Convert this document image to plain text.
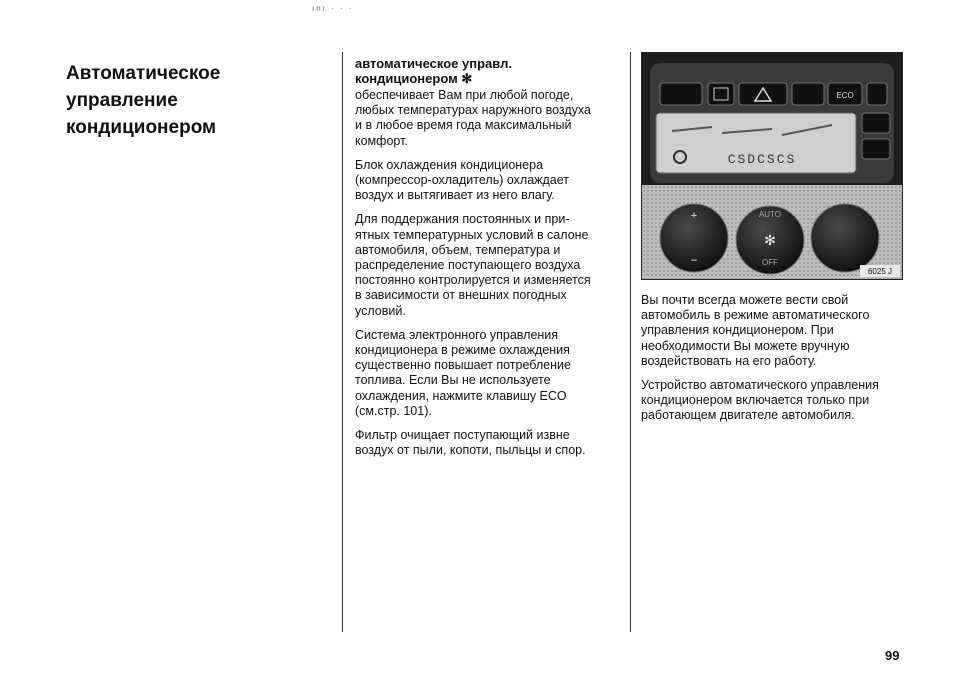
ını · · ·
Автоматическое
управление
кондиционером
автоматическое управл.
кондиционером ✻

обеспечивает Вам при любой погоде,
любых температурах наружного воздуха
и в любое время года максимальный
комфорт.

Блок охлаждения кондиционера
(компрессор-охладитель) охлаждает
воздух и вытягивает из него влагу.

Для поддержания постоянных и при-
ятных температурных условий в салоне
автомобиля, объем, температура и
распределение поступающего воздуха
постоянно контролируется и изменяется
в зависимости от внешних погодных
условий.

Система электронного управления
кондиционера в режиме охлаждения
существенно повышает потребление
топлива. Если Вы не используете
охлаждения, нажмите клавишу ECO
(см.стр. 101).

Фильтр очищает поступающий извне
воздух от пыли, копоти, пыльцы и спор.

ECO
CSDCSCS
+
–
AUTO
OFF
✻
6025 J

Вы почти всегда можете вести свой
автомобиль в режиме автоматического
управления кондиционером. При
необходимости Вы можете вручную
воздействовать на его работу.

Устройство автоматического управления
кондиционером включается только при
работающем двигателе автомобиля.

99
